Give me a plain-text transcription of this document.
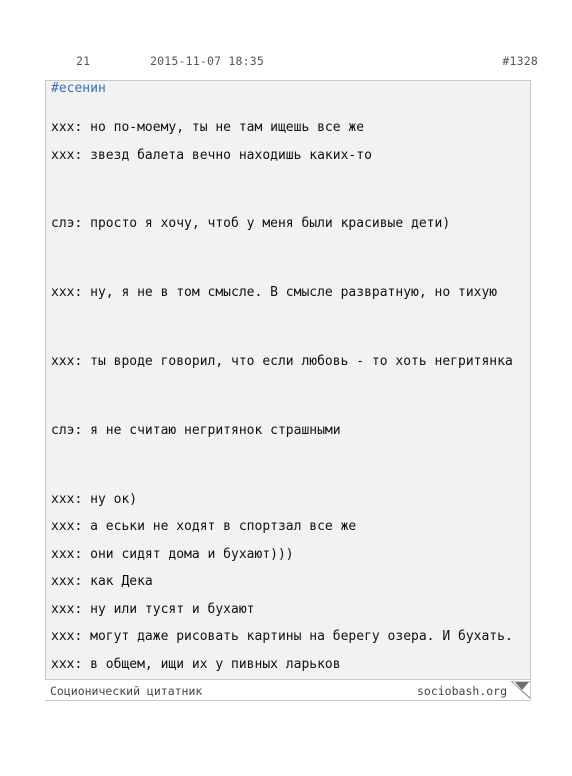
21	2015-11-07 18:35	#1328
#есенин
xxx: но по-моему, ты не там ищешь все же
xxx: звезд балета вечно находишь каких-то
слэ: просто я хочу, чтоб у меня были красивые дети)
xxx: ну, я не в том смысле. В смысле развратную, но тихую
xxx: ты вроде говорил, что если любовь - то хоть негритянка
слэ: я не считаю негритянок страшными
xxx: ну ок)
xxx: а еськи не ходят в спортзал все же
xxx: они сидят дома и бухают)))
xxx: как Дека
xxx: ну или тусят и бухают
xxx: могут даже рисовать картины на берегу озера. И бухать.
xxx: в общем, ищи их у пивных ларьков
Соционический цитатник	sociobash.org
